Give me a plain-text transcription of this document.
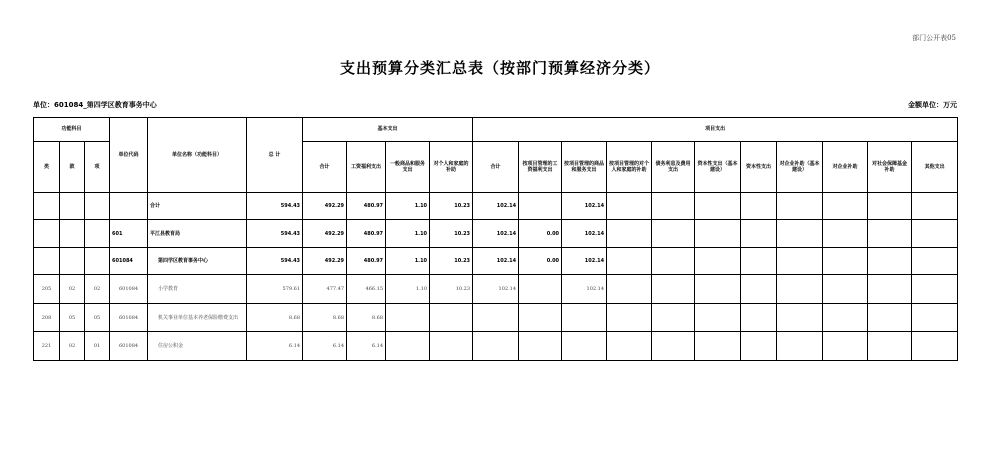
部门公开表05
支出预算分类汇总表（按部门预算经济分类）
单位：601084_第四学区教育事务中心	金额单位：万元
功能科目			单位代码	单位名称（功能科目）	总 计	基本支出				项目支出										
类	款	项				合计	工资福利支出	一般商品和服务支出	对个人和家庭的补助	合计	按项目管理的工资福利支出	按项目管理的商品和服务支出	按项目管理的对个人和家庭的补助	债务利息及费用支出	资本性支出（基本建设）	资本性支出	对企业补助（基本建设）	对企业补助	对社会保障基金补助	其他支出
				合计	594.43	492.29	480.97	1.10	10.23	102.14		102.14								
			601	平江县教育局	594.43	492.29	480.97	1.10	10.23	102.14	0.00	102.14								
			601084	第四学区教育事务中心	594.43	492.29	480.97	1.10	10.23	102.14	0.00	102.14								
205	02	02	601084	小学教育	579.61	477.47	466.15	1.10	10.23	102.14		102.14								
208	05	05	601084	机关事业单位基本养老保险缴费支出	8.68	8.68	8.68													
221	02	01	601084	住房公积金	6.14	6.14	6.14													
